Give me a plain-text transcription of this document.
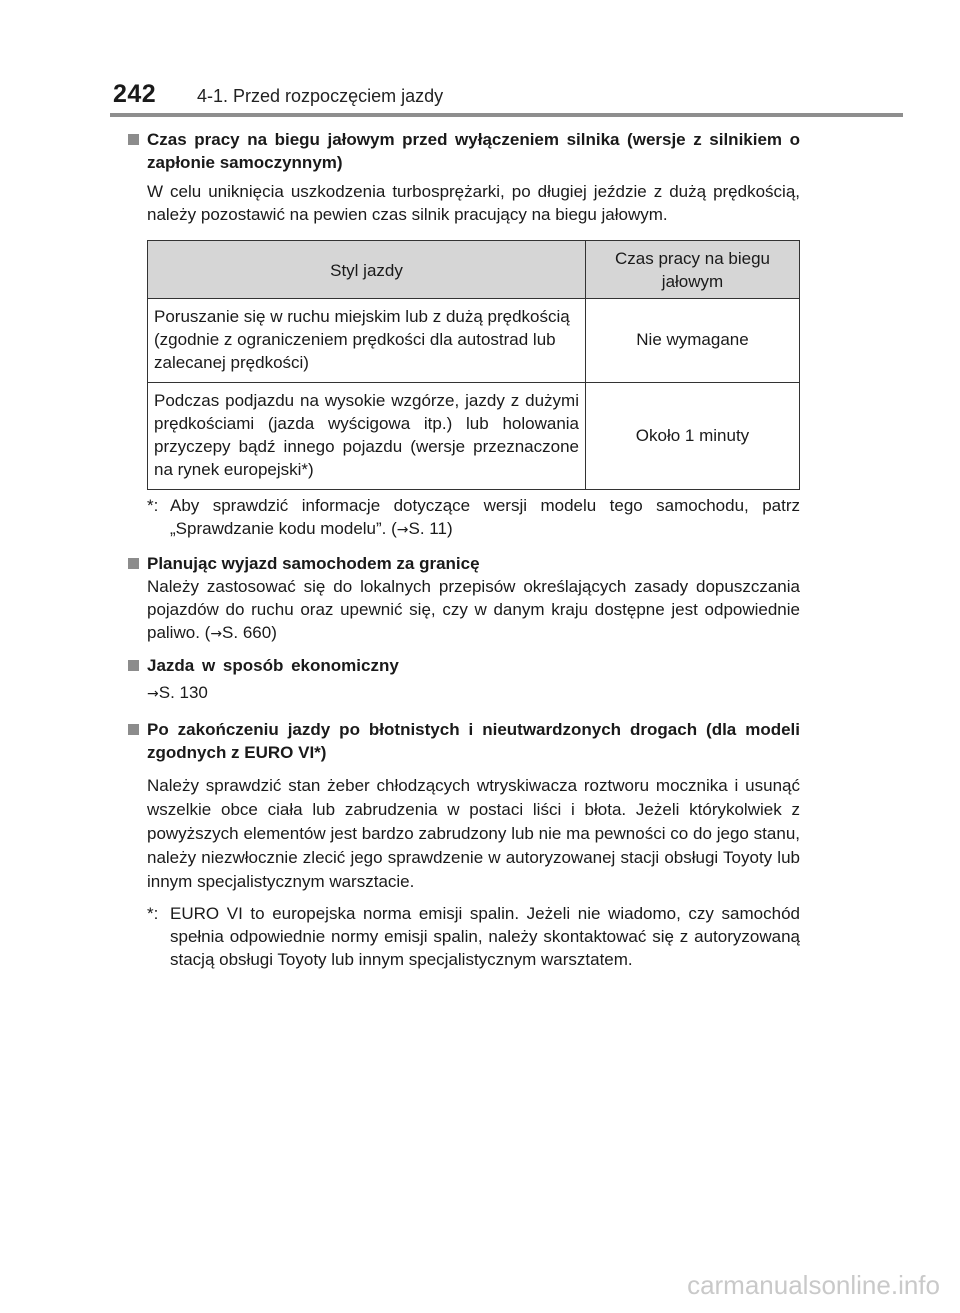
242 4-1. Przed rozpoczęciem jazdy
Czas pracy na biegu jałowym przed wyłączeniem silnika (wersje z silnikiem o zapłonie samoczynnym)
W celu uniknięcia uszkodzenia turbosprężarki, po długiej jeździe z dużą prędkością, należy pozostawić na pewien czas silnik pracujący na biegu jałowym.
Styl jazdy	Czas pracy na biegu jałowym
Poruszanie się w ruchu miejskim lub z dużą prędkością (zgodnie z ograniczeniem prędkości dla autostrad lub zalecanej prędkości)	Nie wymagane
Podczas podjazdu na wysokie wzgórze, jazdy z dużymi prędkościami (jazda wyścigowa itp.) lub holowania przyczepy bądź innego pojazdu (wersje przeznaczone na rynek europejski*)	Około 1 minuty
*: Aby sprawdzić informacje dotyczące wersji modelu tego samochodu, patrz „Sprawdzanie kodu modelu”. (→S. 11)
Planując wyjazd samochodem za granicę
Należy zastosować się do lokalnych przepisów określających zasady dopuszczania pojazdów do ruchu oraz upewnić się, czy w danym kraju dostępne jest odpowiednie paliwo. (→S. 660)
Jazda w sposób ekonomiczny
→S. 130
Po zakończeniu jazdy po błotnistych i nieutwardzonych drogach (dla modeli zgodnych z EURO VI*)
Należy sprawdzić stan żeber chłodzących wtryskiwacza roztworu mocznika i usunąć wszelkie obce ciała lub zabrudzenia w postaci liści i błota. Jeżeli którykolwiek z powyższych elementów jest bardzo zabrudzony lub nie ma pewności co do jego stanu, należy niezwłocznie zlecić jego sprawdzenie w autoryzowanej stacji obsługi Toyoty lub innym specjalistycznym warsztacie.
*: EURO VI to europejska norma emisji spalin. Jeżeli nie wiadomo, czy samochód spełnia odpowiednie normy emisji spalin, należy skontaktować się z autoryzowaną stacją obsługi Toyoty lub innym specjalistycznym warsztatem.
carmanualsonline.info
